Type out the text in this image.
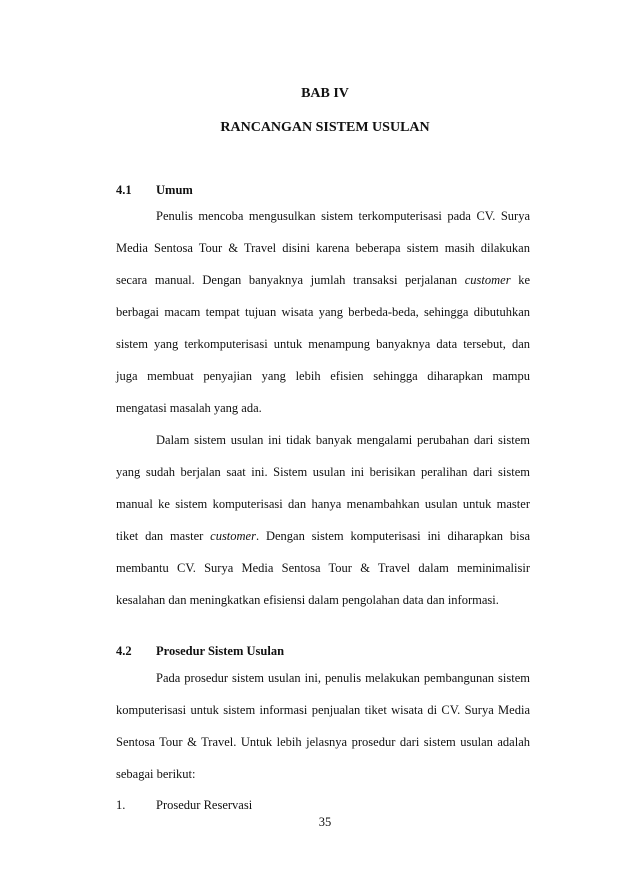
BAB IV
RANCANGAN SISTEM USULAN
4.1 Umum
Penulis mencoba mengusulkan sistem terkomputerisasi pada CV. Surya
Media Sentosa Tour & Travel disini karena beberapa sistem masih dilakukan
secara manual. Dengan banyaknya jumlah transaksi perjalanan customer ke
berbagai macam tempat tujuan wisata yang berbeda-beda, sehingga dibutuhkan
sistem yang terkomputerisasi untuk menampung banyaknya data tersebut, dan
juga membuat penyajian yang lebih efisien sehingga diharapkan mampu
mengatasi masalah yang ada.
Dalam sistem usulan ini tidak banyak mengalami perubahan dari sistem
yang sudah berjalan saat ini. Sistem usulan ini berisikan peralihan dari sistem
manual ke sistem komputerisasi dan hanya menambahkan usulan untuk master
tiket dan master customer. Dengan sistem komputerisasi ini diharapkan bisa
membantu CV. Surya Media Sentosa Tour & Travel dalam meminimalisir
kesalahan dan meningkatkan efisiensi dalam pengolahan data dan informasi.
4.2 Prosedur Sistem Usulan
Pada prosedur sistem usulan ini, penulis melakukan pembangunan sistem
komputerisasi untuk sistem informasi penjualan tiket wisata di CV. Surya Media
Sentosa Tour & Travel. Untuk lebih jelasnya prosedur dari sistem usulan adalah
sebagai berikut:
1. Prosedur Reservasi
35
